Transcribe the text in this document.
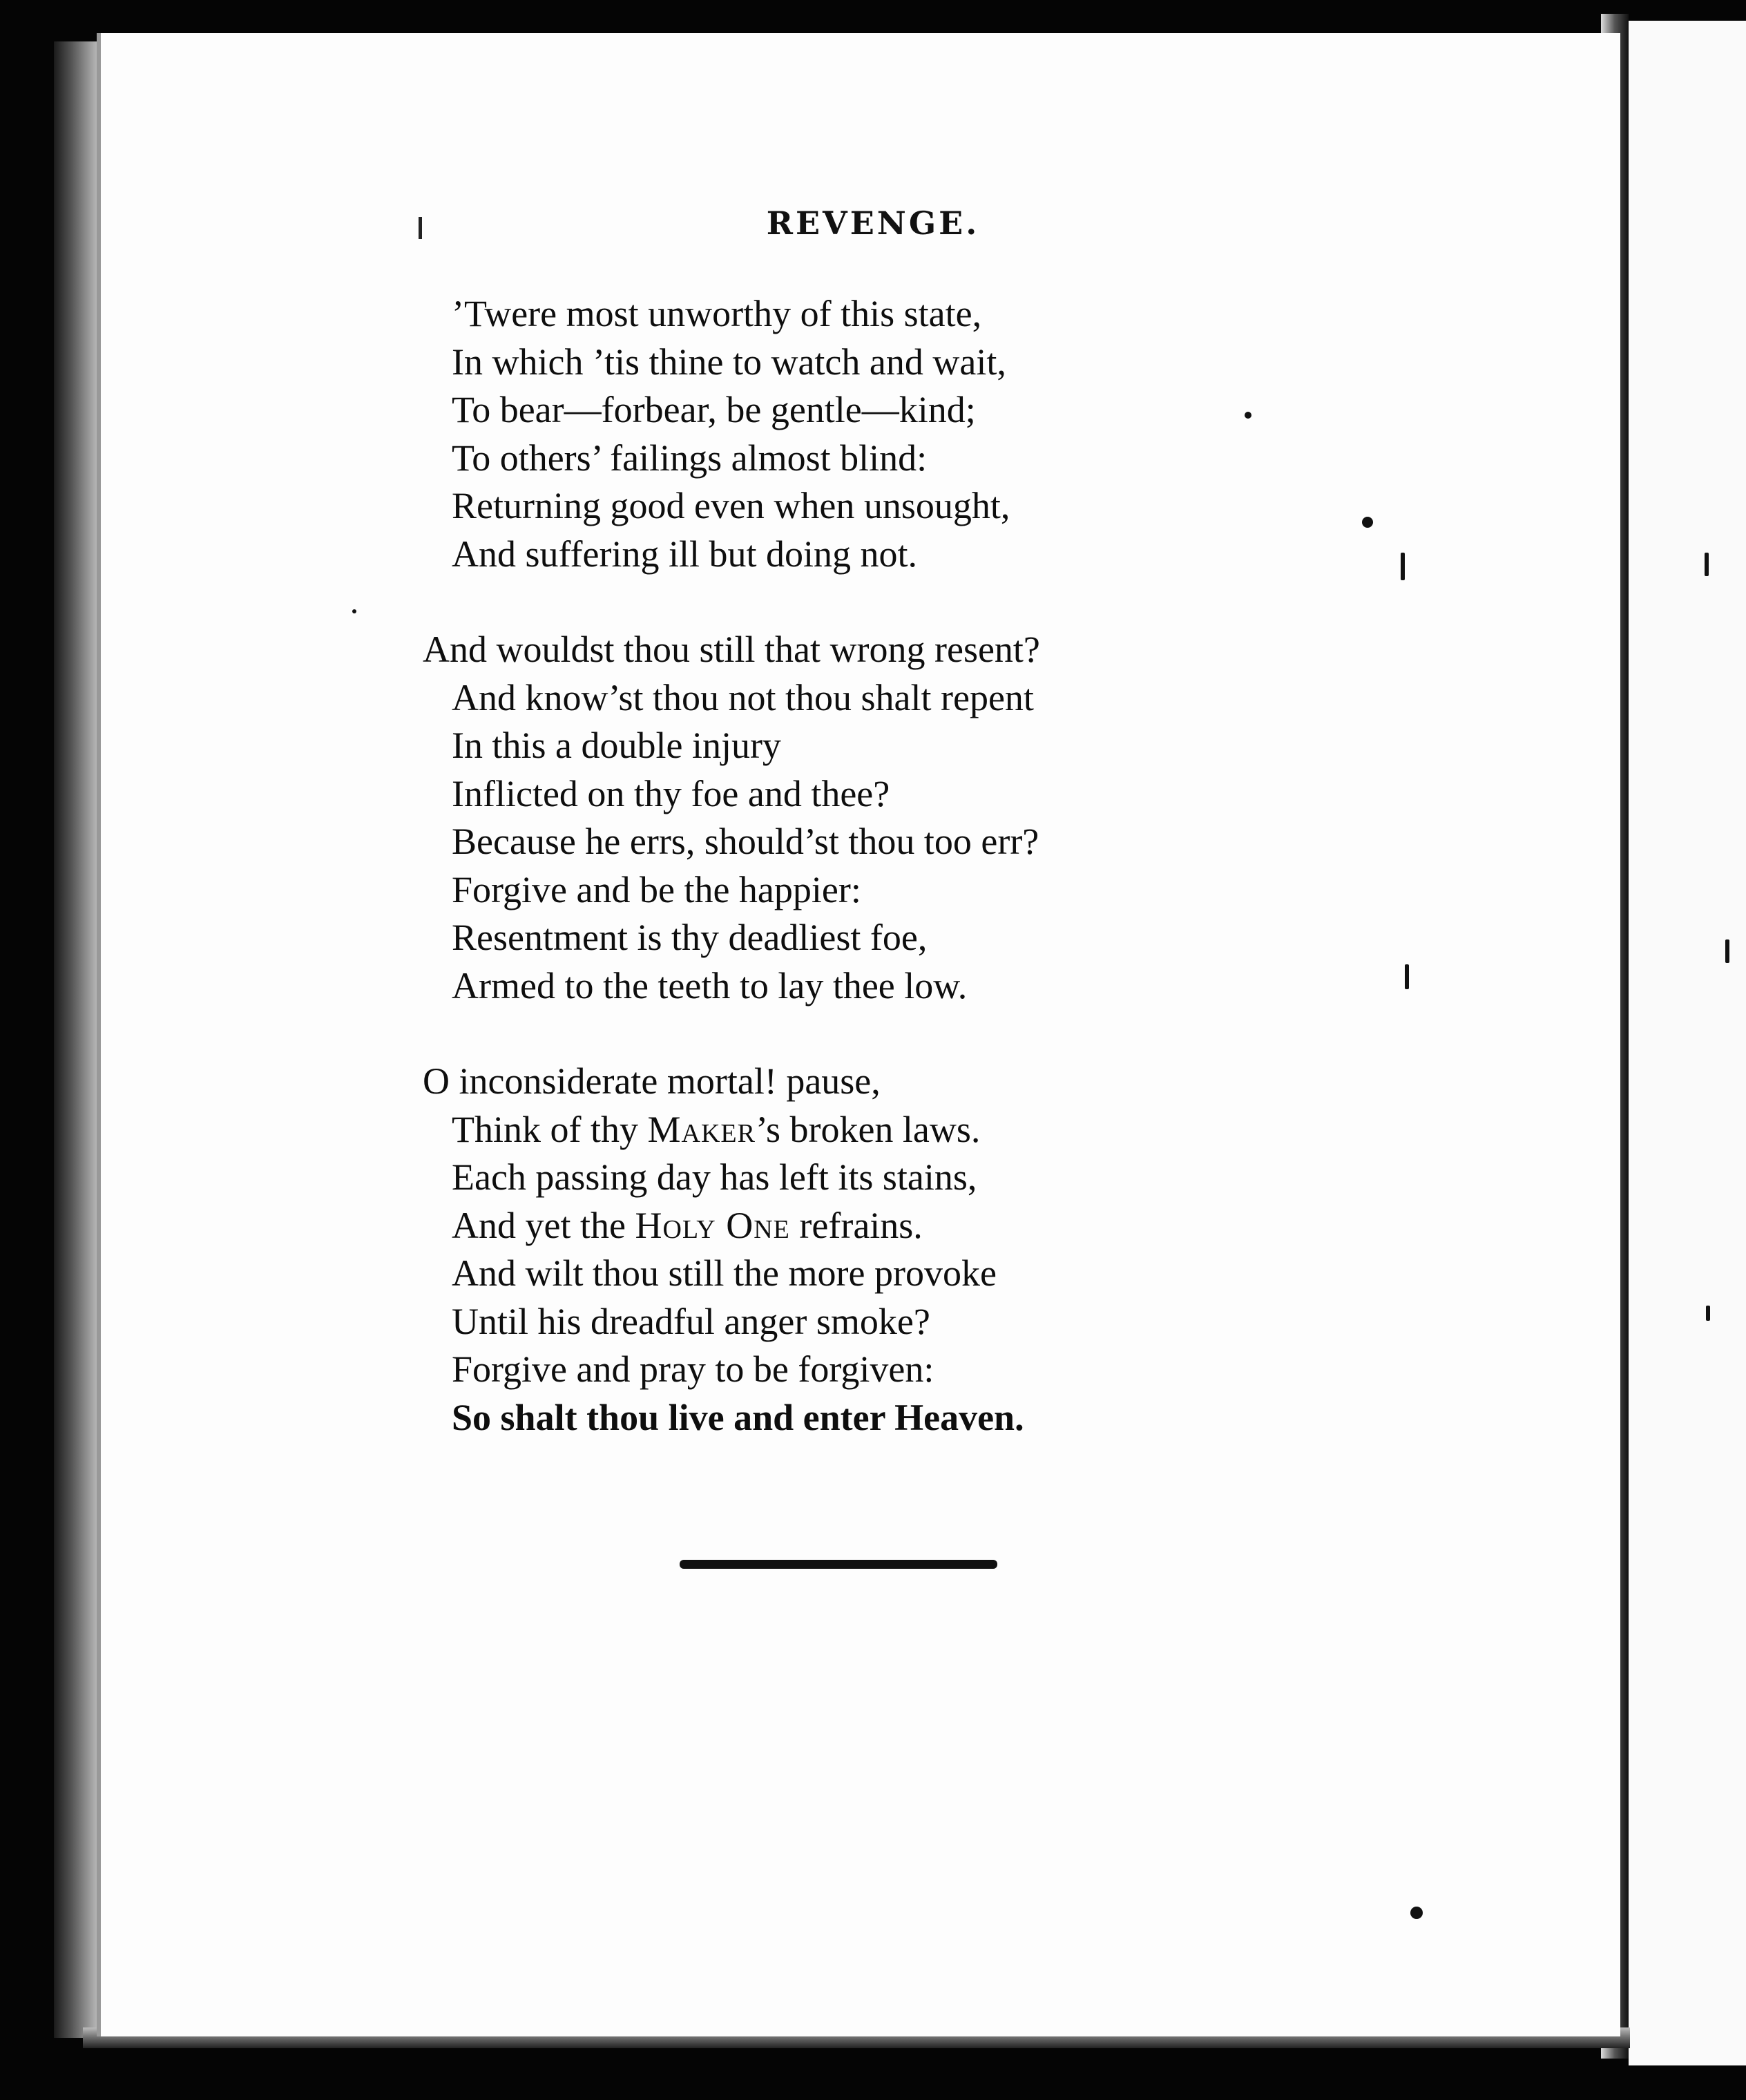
REVENGE.
’Twere most unworthy of this state,
In which ’tis thine to watch and wait,
To bear—forbear, be gentle—kind;
To others’ failings almost blind:
Returning good even when unsought,
And suffering ill but doing not.
And wouldst thou still that wrong resent?
And know’st thou not thou shalt repent
In this a double injury
Inflicted on thy foe and thee?
Because he errs, should’st thou too err?
Forgive and be the happier:
Resentment is thy deadliest foe,
Armed to the teeth to lay thee low.
O inconsiderate mortal! pause,
Think of thy Maker’s broken laws.
Each passing day has left its stains,
And yet the Holy One refrains.
And wilt thou still the more provoke
Until his dreadful anger smoke?
Forgive and pray to be forgiven:
So shalt thou live and enter Heaven.
